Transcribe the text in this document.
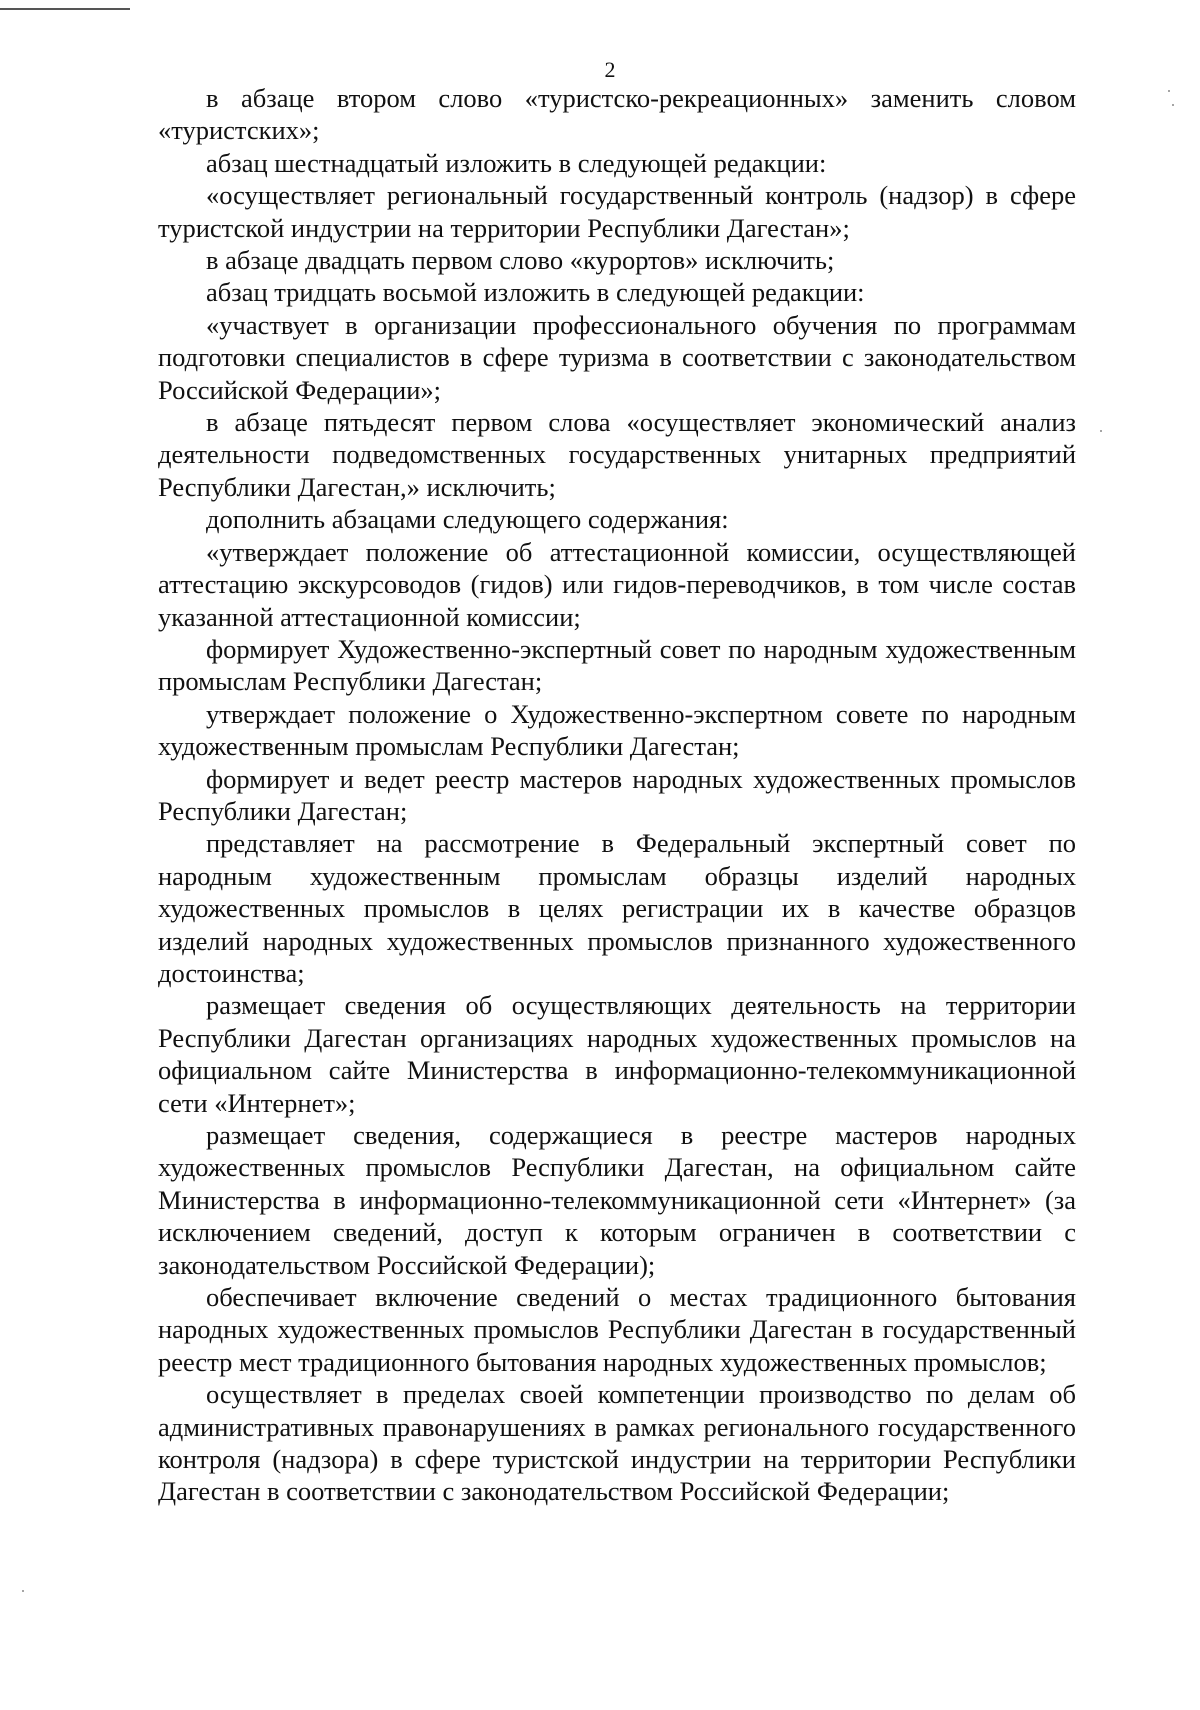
2

в абзаце втором слово «туристско-рекреационных» заменить словом «туристских»;

абзац шестнадцатый изложить в следующей редакции:

«осуществляет региональный государственный контроль (надзор) в сфере туристской индустрии на территории Республики Дагестан»;

в абзаце двадцать первом слово «курортов» исключить;

абзац тридцать восьмой изложить в следующей редакции:

«участвует в организации профессионального обучения по программам подготовки специалистов в сфере туризма в соответствии с законодательством Российской Федерации»;

в абзаце пятьдесят первом слова «осуществляет экономический анализ деятельности подведомственных государственных унитарных предприятий Республики Дагестан,» исключить;

дополнить абзацами следующего содержания:

«утверждает положение об аттестационной комиссии, осуществляющей аттестацию экскурсоводов (гидов) или гидов-переводчиков, в том числе состав указанной аттестационной комиссии;

формирует Художественно-экспертный совет по народным художественным промыслам Республики Дагестан;

утверждает положение о Художественно-экспертном совете по народным художественным промыслам Республики Дагестан;

формирует и ведет реестр мастеров народных художественных промыслов Республики Дагестан;

представляет на рассмотрение в Федеральный экспертный совет по народным художественным промыслам образцы изделий народных художественных промыслов в целях регистрации их в качестве образцов изделий народных художественных промыслов признанного художественного достоинства;

размещает сведения об осуществляющих деятельность на территории Республики Дагестан организациях народных художественных промыслов на официальном сайте Министерства в информационно-телекоммуникационной сети «Интернет»;

размещает сведения, содержащиеся в реестре мастеров народных художественных промыслов Республики Дагестан, на официальном сайте Министерства в информационно-телекоммуникационной сети «Интернет» (за исключением сведений, доступ к которым ограничен в соответствии с законодательством Российской Федерации);

обеспечивает включение сведений о местах традиционного бытования народных художественных промыслов Республики Дагестан в государственный реестр мест традиционного бытования народных художественных промыслов;

осуществляет в пределах своей компетенции производство по делам об административных правонарушениях в рамках регионального государственного контроля (надзора) в сфере туристской индустрии на территории Республики Дагестан в соответствии с законодательством Российской Федерации;
